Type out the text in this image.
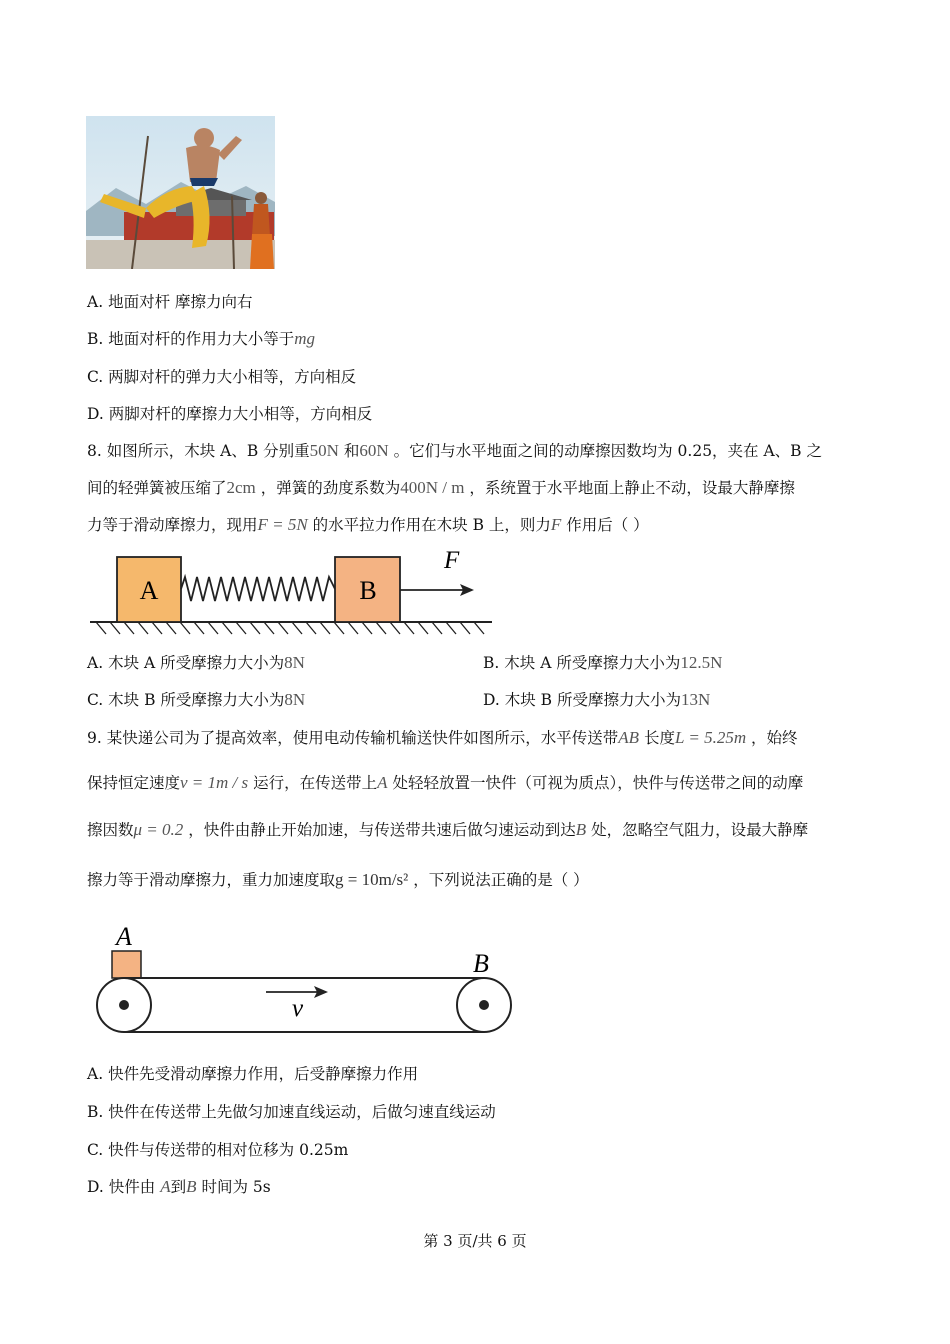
A. 地面对杆 摩擦力向右
B. 地面对杆的作用力大小等于mg
C. 两脚对杆的弹力大小相等，方向相反
D. 两脚对杆的摩擦力大小相等，方向相反
8. 如图所示，木块 A、B 分别重50N 和60N 。它们与水平地面之间的动摩擦因数均为 0.25，夹在 A、B 之
间的轻弹簧被压缩了2cm ，弹簧的劲度系数为400N / m ，系统置于水平地面上静止不动，设最大静摩擦
力等于滑动摩擦力，现用F = 5N 的水平拉力作用在木块 B 上，则力F 作用后（ ）
A	B
F
A. 木块 A 所受摩擦力大小为8N	B. 木块 A 所受摩擦力大小为12.5N
C. 木块 B 所受摩擦力大小为8N	D. 木块 B 所受摩擦力大小为13N
9. 某快递公司为了提高效率，使用电动传输机输送快件如图所示，水平传送带AB 长度L = 5.25m ，始终
保持恒定速度v = 1m / s 运行，在传送带上A 处轻轻放置一快件（可视为质点），快件与传送带之间的动摩
擦因数μ = 0.2 ，快件由静止开始加速，与传送带共速后做匀速运动到达B 处，忽略空气阻力，设最大静摩
擦力等于滑动摩擦力，重力加速度取g = 10m/s² ，下列说法正确的是（ ）
A
B
v
A. 快件先受滑动摩擦力作用，后受静摩擦力作用
B. 快件在传送带上先做匀加速直线运动，后做匀速直线运动
C. 快件与传送带的相对位移为 0.25m
D. 快件由 A到B 时间为 5s
第 3 页/共 6 页
